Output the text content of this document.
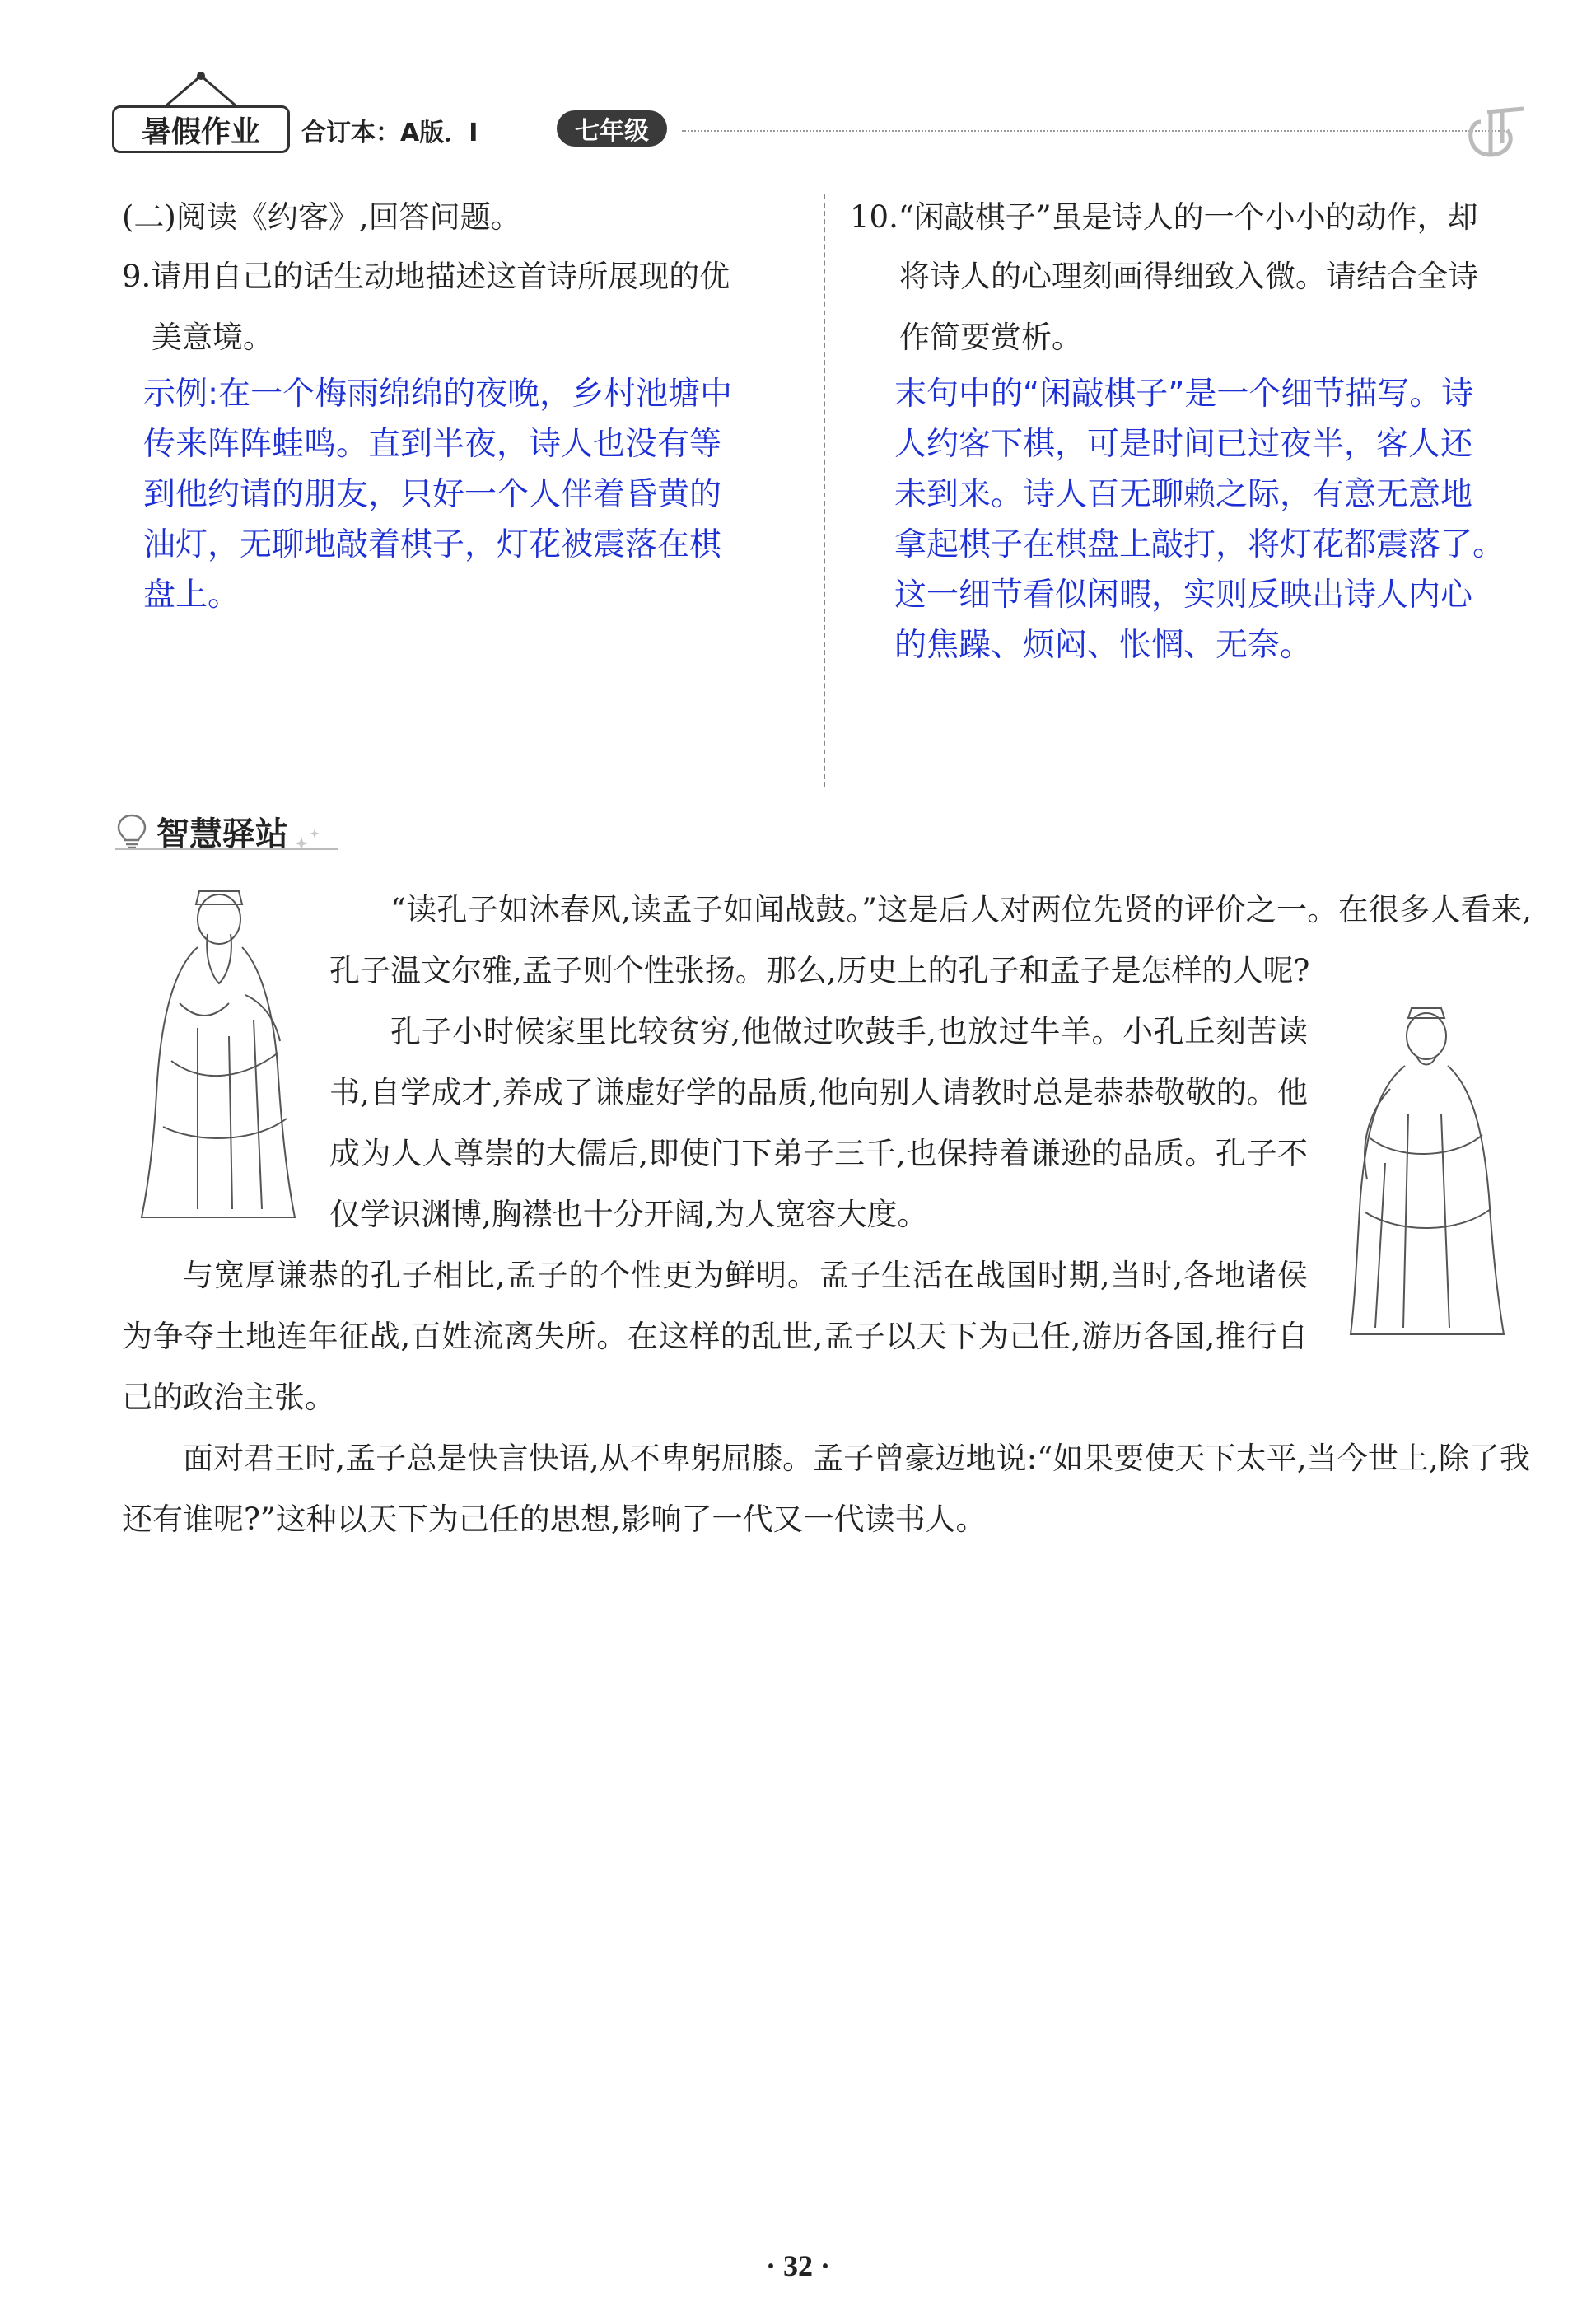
暑假作业	合订本：A版．I	七年级
(二)阅读《约客》,回答问题。
9.请用自己的话生动地描述这首诗所展现的优
美意境。
示例:在一个梅雨绵绵的夜晚，乡村池塘中
传来阵阵蛙鸣。直到半夜，诗人也没有等
到他约请的朋友，只好一个人伴着昏黄的
油灯，无聊地敲着棋子，灯花被震落在棋
盘上。
10.“闲敲棋子”虽是诗人的一个小小的动作，却
将诗人的心理刻画得细致入微。请结合全诗
作简要赏析。
末句中的“闲敲棋子”是一个细节描写。诗
人约客下棋，可是时间已过夜半，客人还
未到来。诗人百无聊赖之际，有意无意地
拿起棋子在棋盘上敲打，将灯花都震落了。
这一细节看似闲暇，实则反映出诗人内心
的焦躁、烦闷、怅惘、无奈。
智慧驿站
“读孔子如沐春风,读孟子如闻战鼓。”这是后人对两位先贤的评价之一。在很多人看来,孔子温文尔雅,孟子则个性张扬。那么,历史上的孔子和孟子是怎样的人呢?
孔子小时候家里比较贫穷,他做过吹鼓手,也放过牛羊。小孔丘刻苦读书,自学成才,养成了谦虚好学的品质,他向别人请教时总是恭恭敬敬的。他成为人人尊崇的大儒后,即使门下弟子三千,也保持着谦逊的品质。孔子不仅学识渊博,胸襟也十分开阔,为人宽容大度。
与宽厚谦恭的孔子相比,孟子的个性更为鲜明。孟子生活在战国时期,当时,各地诸侯为争夺土地连年征战,百姓流离失所。在这样的乱世,孟子以天下为己任,游历各国,推行自己的政治主张。
面对君王时,孟子总是快言快语,从不卑躬屈膝。孟子曾豪迈地说:“如果要使天下太平,当今世上,除了我还有谁呢?”这种以天下为己任的思想,影响了一代又一代读书人。
· 32 ·
